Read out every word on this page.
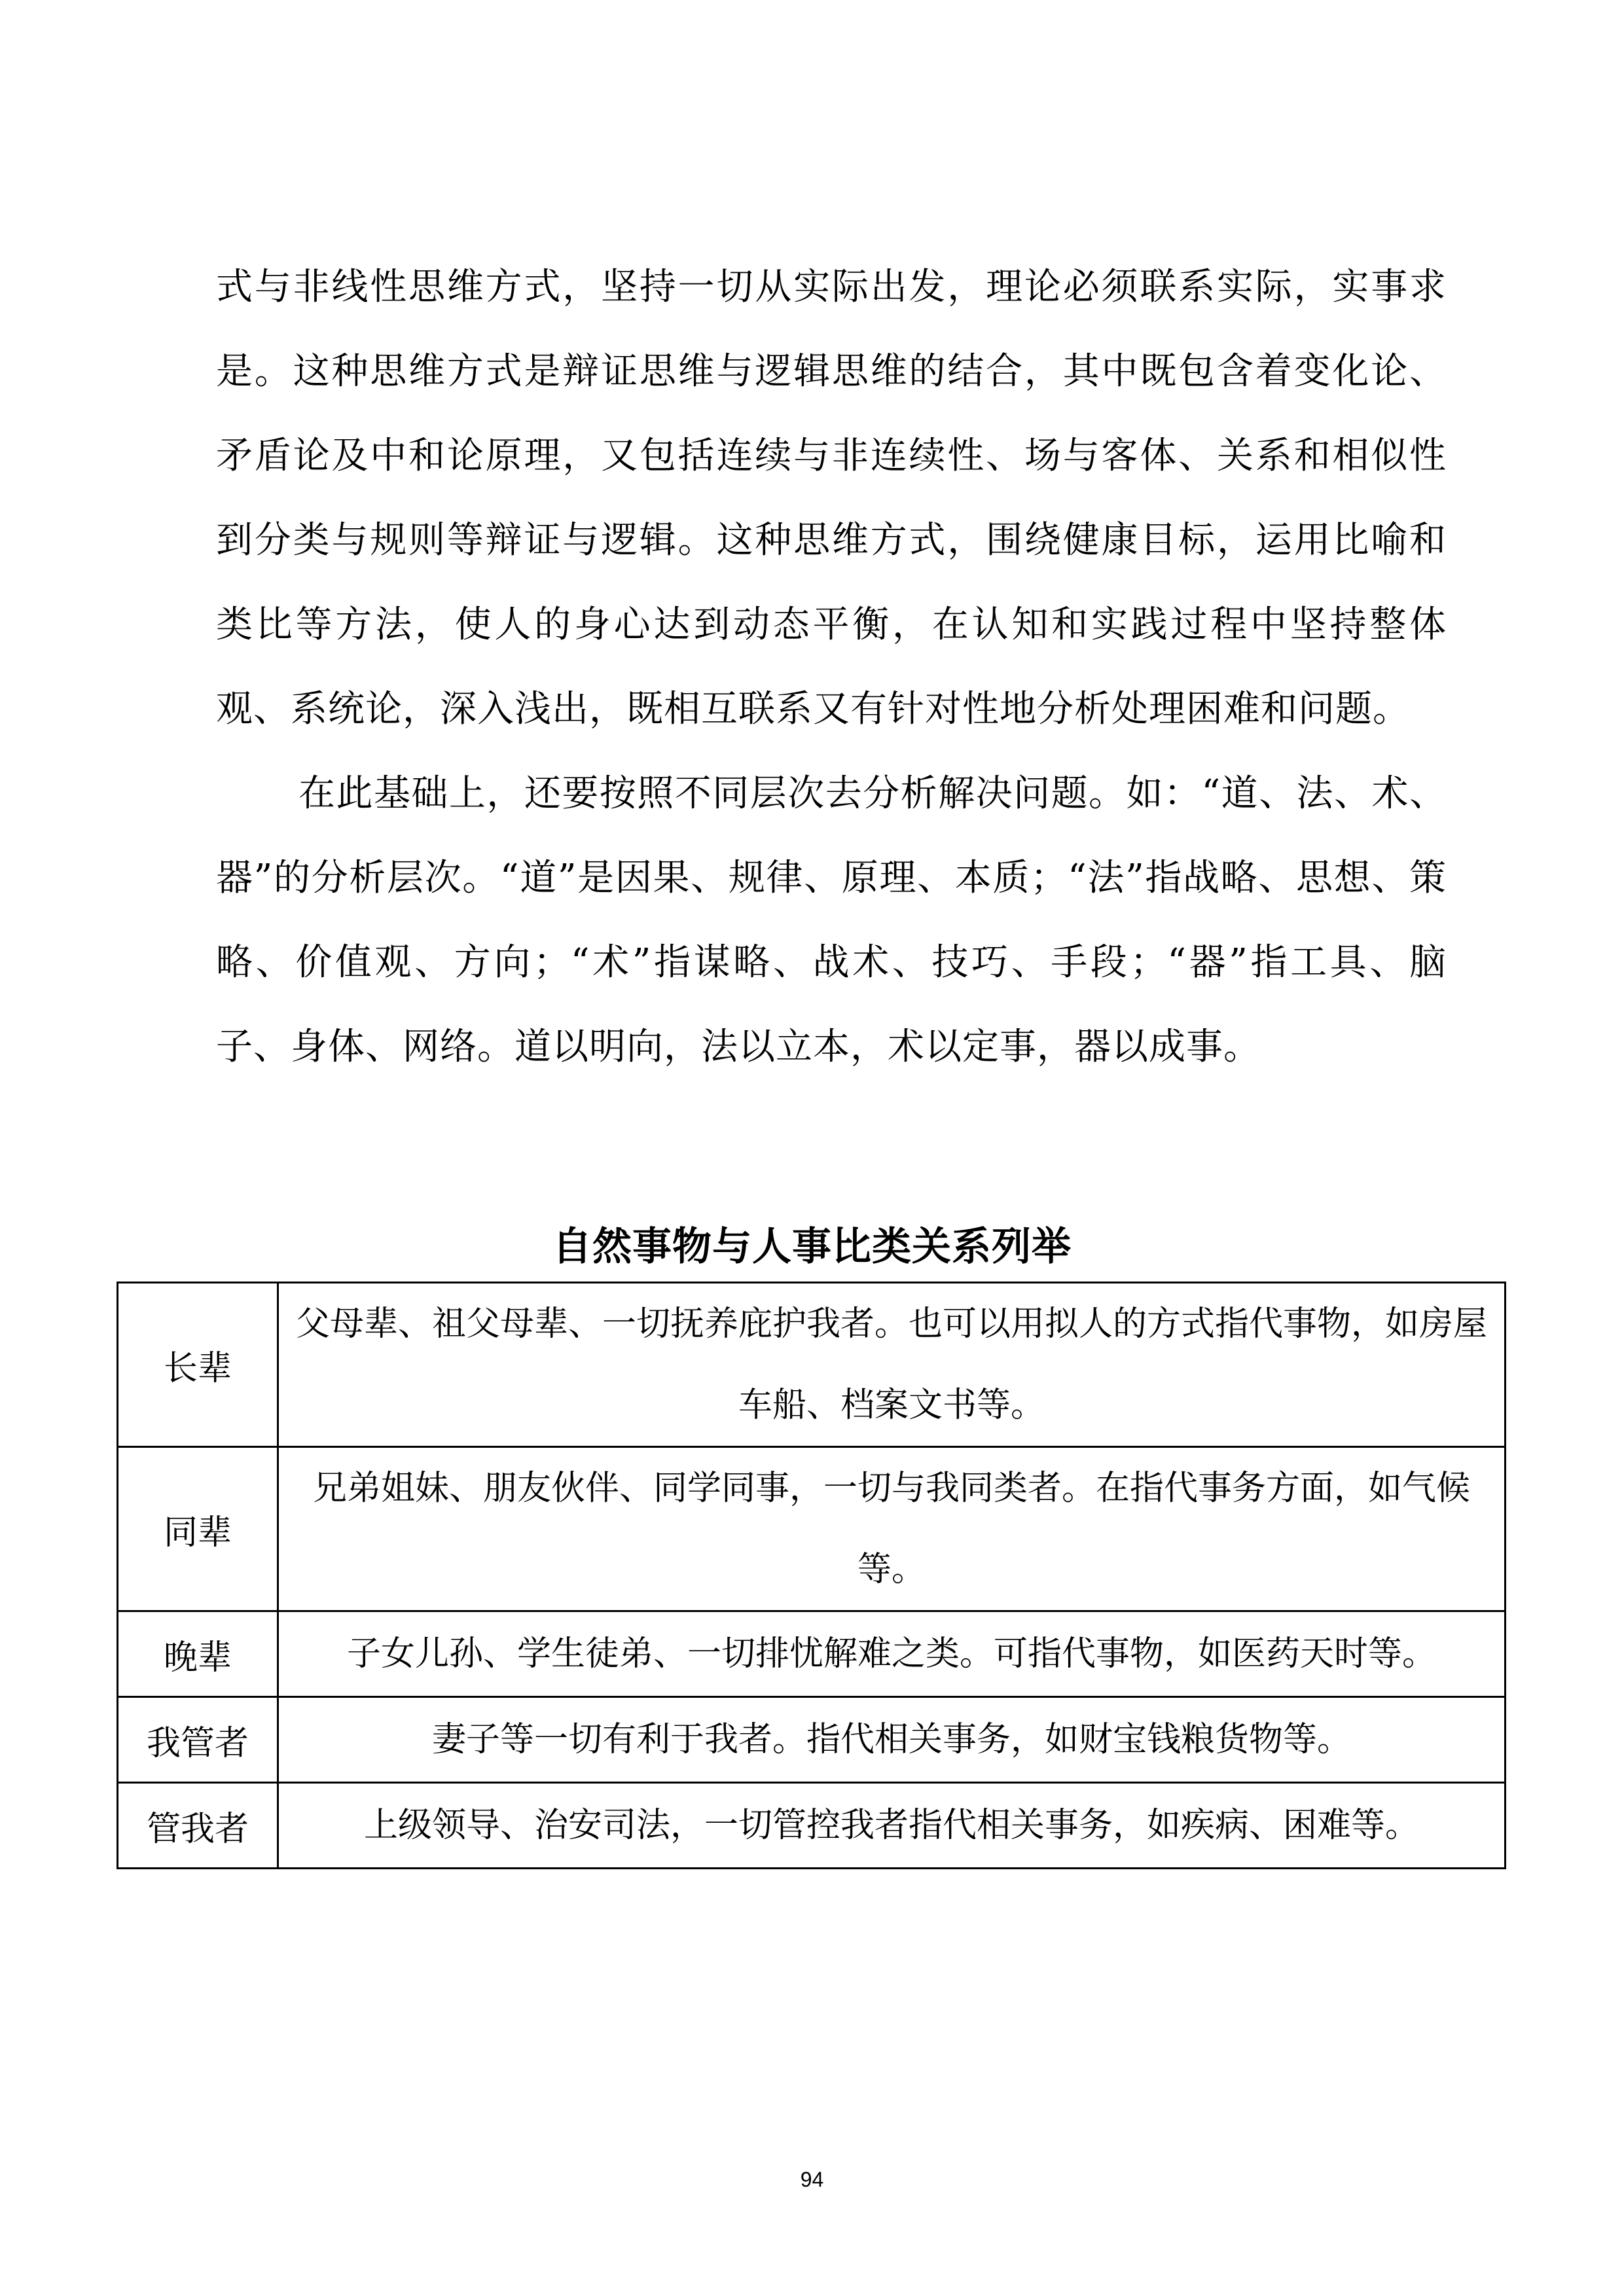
式与非线性思维方式，坚持一切从实际出发，理论必须联系实际，实事求是。这种思维方式是辩证思维与逻辑思维的结合，其中既包含着变化论、矛盾论及中和论原理，又包括连续与非连续性、场与客体、关系和相似性到分类与规则等辩证与逻辑。这种思维方式，围绕健康目标，运用比喻和类比等方法，使人的身心达到动态平衡，在认知和实践过程中坚持整体观、系统论，深入浅出，既相互联系又有针对性地分析处理困难和问题。

在此基础上，还要按照不同层次去分析解决问题。如：“道、法、术、器”的分析层次。“道”是因果、规律、原理、本质；“法”指战略、思想、策略、价值观、方向；“术”指谋略、战术、技巧、手段；“器”指工具、脑子、身体、网络。道以明向，法以立本，术以定事，器以成事。

自然事物与人事比类关系列举
长辈	父母辈、祖父母辈、一切抚养庇护我者。也可以用拟人的方式指代事物，如房屋车船、档案文书等。
同辈	兄弟姐妹、朋友伙伴、同学同事，一切与我同类者。在指代事务方面，如气候等。
晚辈	子女儿孙、学生徒弟、一切排忧解难之类。可指代事物，如医药天时等。
我管者	妻子等一切有利于我者。指代相关事务，如财宝钱粮货物等。
管我者	上级领导、治安司法，一切管控我者指代相关事务，如疾病、困难等。
94
